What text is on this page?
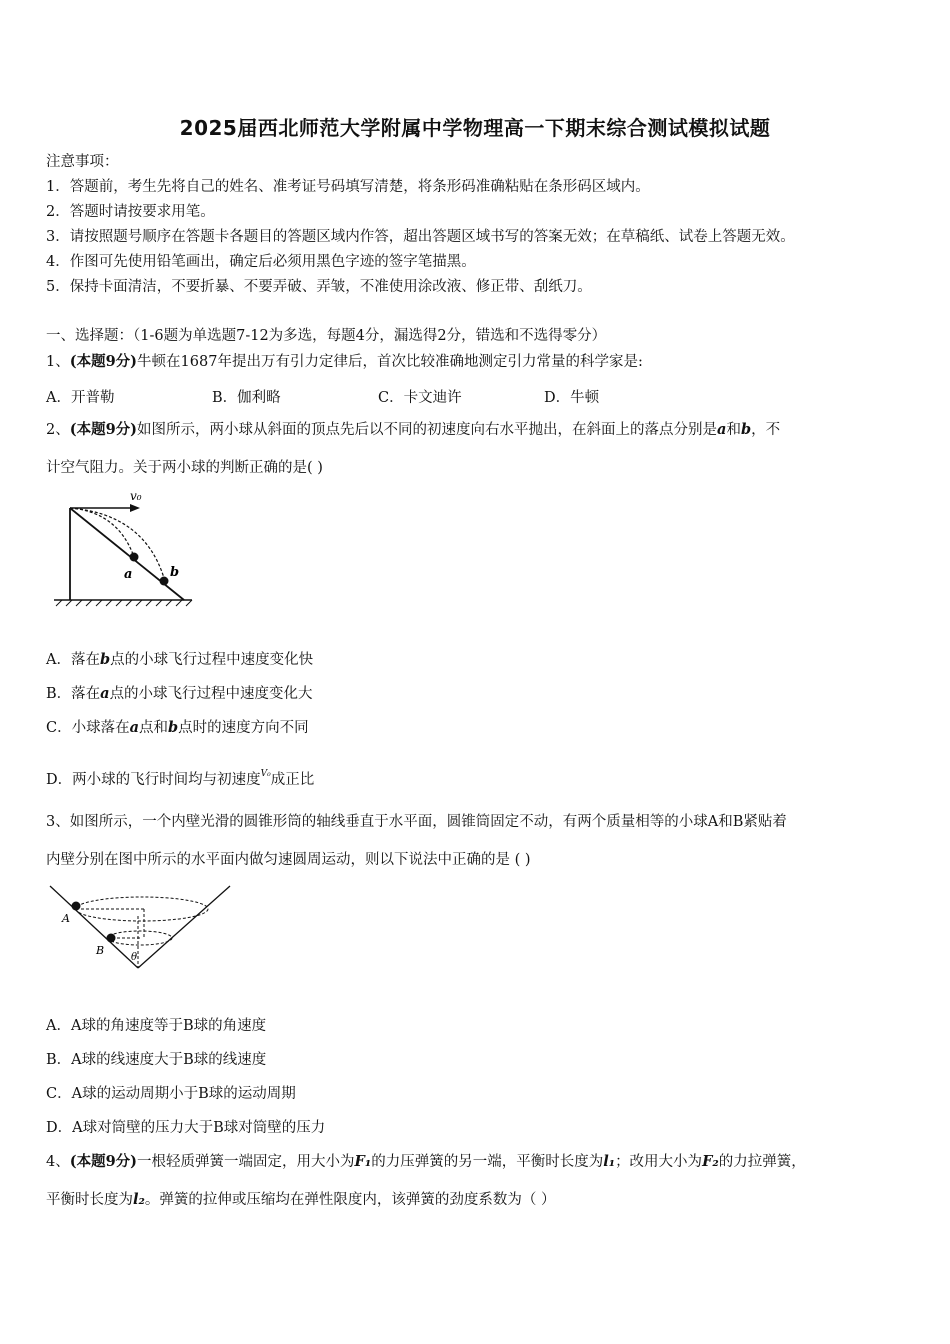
2025届西北师范大学附属中学物理高一下期末综合测试模拟试题
注意事项：
1．答题前，考生先将自己的姓名、准考证号码填写清楚，将条形码准确粘贴在条形码区域内。
2．答题时请按要求用笔。
3．请按照题号顺序在答题卡各题目的答题区域内作答，超出答题区域书写的答案无效；在草稿纸、试卷上答题无效。
4．作图可先使用铅笔画出，确定后必须用黑色字迹的签字笔描黑。
5．保持卡面清洁，不要折暴、不要弄破、弄皱，不准使用涂改液、修正带、刮纸刀。
一、选择题：（1-6题为单选题7-12为多选，每题4分，漏选得2分，错选和不选得零分）
1、(本题9分)牛顿在1687年提出万有引力定律后，首次比较准确地测定引力常量的科学家是:
A．开普勒	B．伽利略	C．卡文迪许	D．牛顿
2、(本题9分)如图所示，两小球从斜面的顶点先后以不同的初速度向右水平抛出，在斜面上的落点分别是a和b，不
计空气阻力。关于两小球的判断正确的是( )
v₀
a	b
A．落在b点的小球飞行过程中速度变化快
B．落在a点的小球飞行过程中速度变化大
C．小球落在a点和b点时的速度方向不同
D．两小球的飞行时间均与初速度$^{V_0}$成正比
3、如图所示，一个内壁光滑的圆锥形筒的轴线垂直于水平面，圆锥筒固定不动，有两个质量相等的小球A和B紧贴着
内壁分别在图中所示的水平面内做匀速圆周运动，则以下说法中正确的是 ( )
A
B
θ
A．A球的角速度等于B球的角速度
B．A球的线速度大于B球的线速度
C．A球的运动周期小于B球的运动周期
D．A球对筒壁的压力大于B球对筒壁的压力
4、(本题9分)一根轻质弹簧一端固定，用大小为F₁的力压弹簧的另一端，平衡时长度为l₁；改用大小为F₂的力拉弹簧，
平衡时长度为l₂。弹簧的拉伸或压缩均在弹性限度内，该弹簧的劲度系数为（ ）
